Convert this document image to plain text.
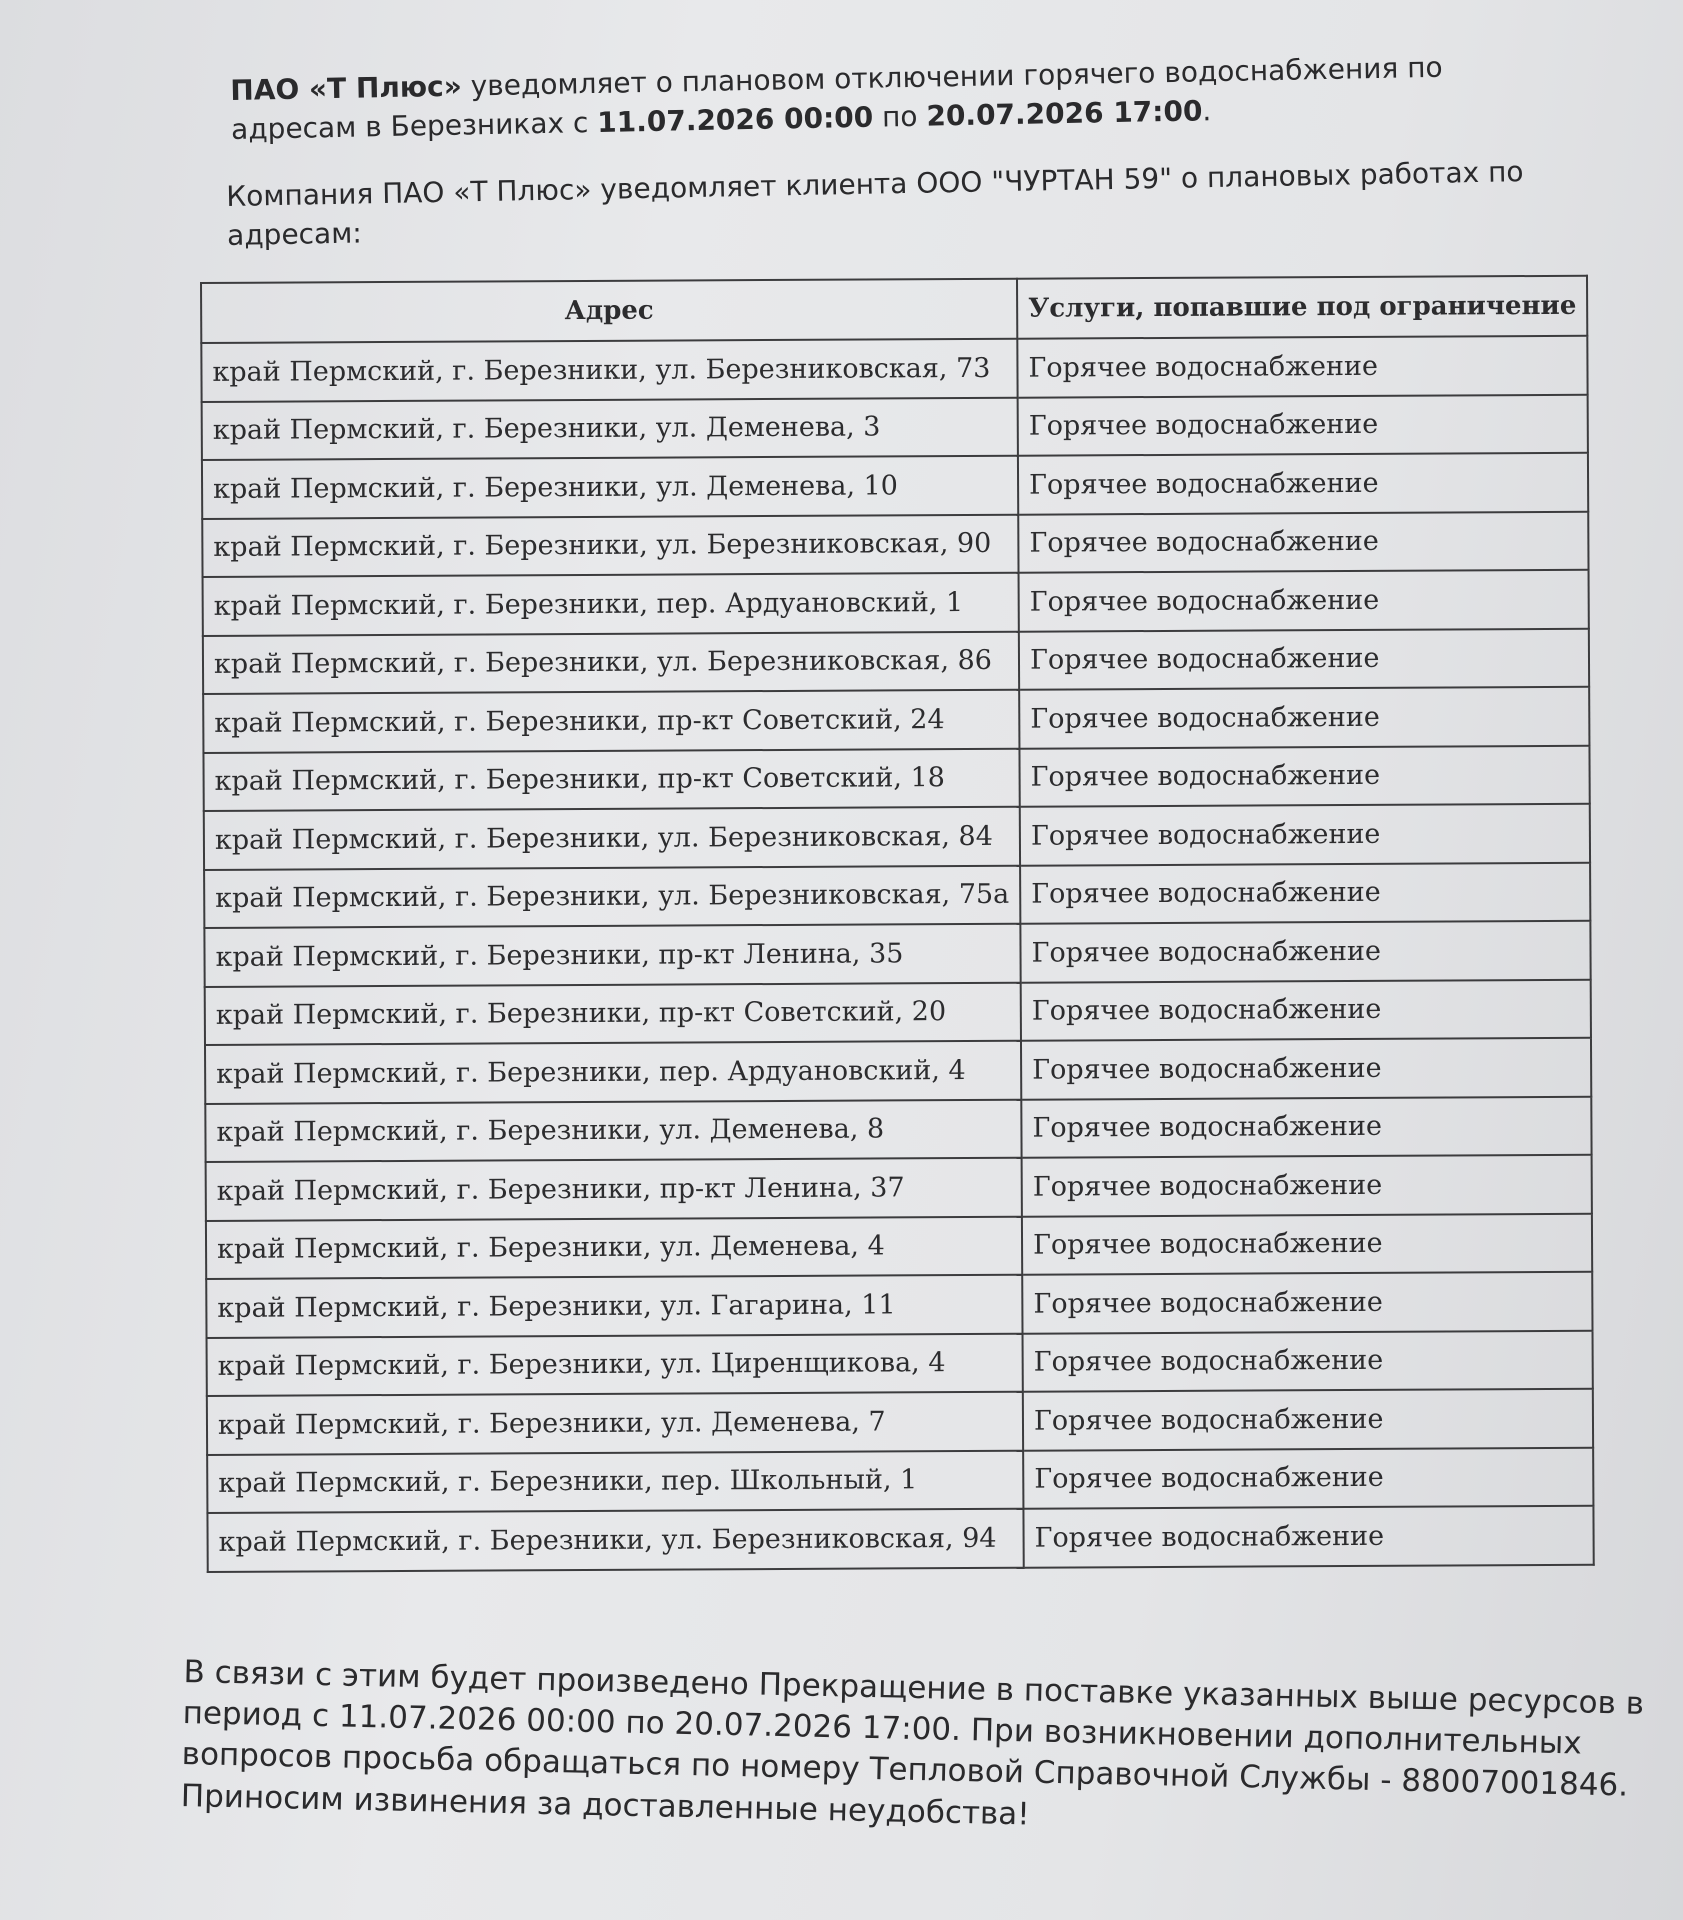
ПАО «Т Плюс» уведомляет о плановом отключении горячего водоснабжения по адресам в Березниках с 11.07.2026 00:00 по 20.07.2026 17:00.
Компания ПАО «Т Плюс» уведомляет клиента ООО "ЧУРТАН 59" о плановых работах по адресам:
Адрес	Услуги, попавшие под ограничение
край Пермский, г. Березники, ул. Березниковская, 73	Горячее водоснабжение
край Пермский, г. Березники, ул. Деменева, 3	Горячее водоснабжение
край Пермский, г. Березники, ул. Деменева, 10	Горячее водоснабжение
край Пермский, г. Березники, ул. Березниковская, 90	Горячее водоснабжение
край Пермский, г. Березники, пер. Ардуановский, 1	Горячее водоснабжение
край Пермский, г. Березники, ул. Березниковская, 86	Горячее водоснабжение
край Пермский, г. Березники, пр-кт Советский, 24	Горячее водоснабжение
край Пермский, г. Березники, пр-кт Советский, 18	Горячее водоснабжение
край Пермский, г. Березники, ул. Березниковская, 84	Горячее водоснабжение
край Пермский, г. Березники, ул. Березниковская, 75а	Горячее водоснабжение
край Пермский, г. Березники, пр-кт Ленина, 35	Горячее водоснабжение
край Пермский, г. Березники, пр-кт Советский, 20	Горячее водоснабжение
край Пермский, г. Березники, пер. Ардуановский, 4	Горячее водоснабжение
край Пермский, г. Березники, ул. Деменева, 8	Горячее водоснабжение
край Пермский, г. Березники, пр-кт Ленина, 37	Горячее водоснабжение
край Пермский, г. Березники, ул. Деменева, 4	Горячее водоснабжение
край Пермский, г. Березники, ул. Гагарина, 11	Горячее водоснабжение
край Пермский, г. Березники, ул. Циренщикова, 4	Горячее водоснабжение
край Пермский, г. Березники, ул. Деменева, 7	Горячее водоснабжение
край Пермский, г. Березники, пер. Школьный, 1	Горячее водоснабжение
край Пермский, г. Березники, ул. Березниковская, 94	Горячее водоснабжение
В связи с этим будет произведено Прекращение в поставке указанных выше ресурсов в период с 11.07.2026 00:00 по 20.07.2026 17:00. При возникновении дополнительных вопросов просьба обращаться по номеру Тепловой Справочной Службы - 88007001846. Приносим извинения за доставленные неудобства!
